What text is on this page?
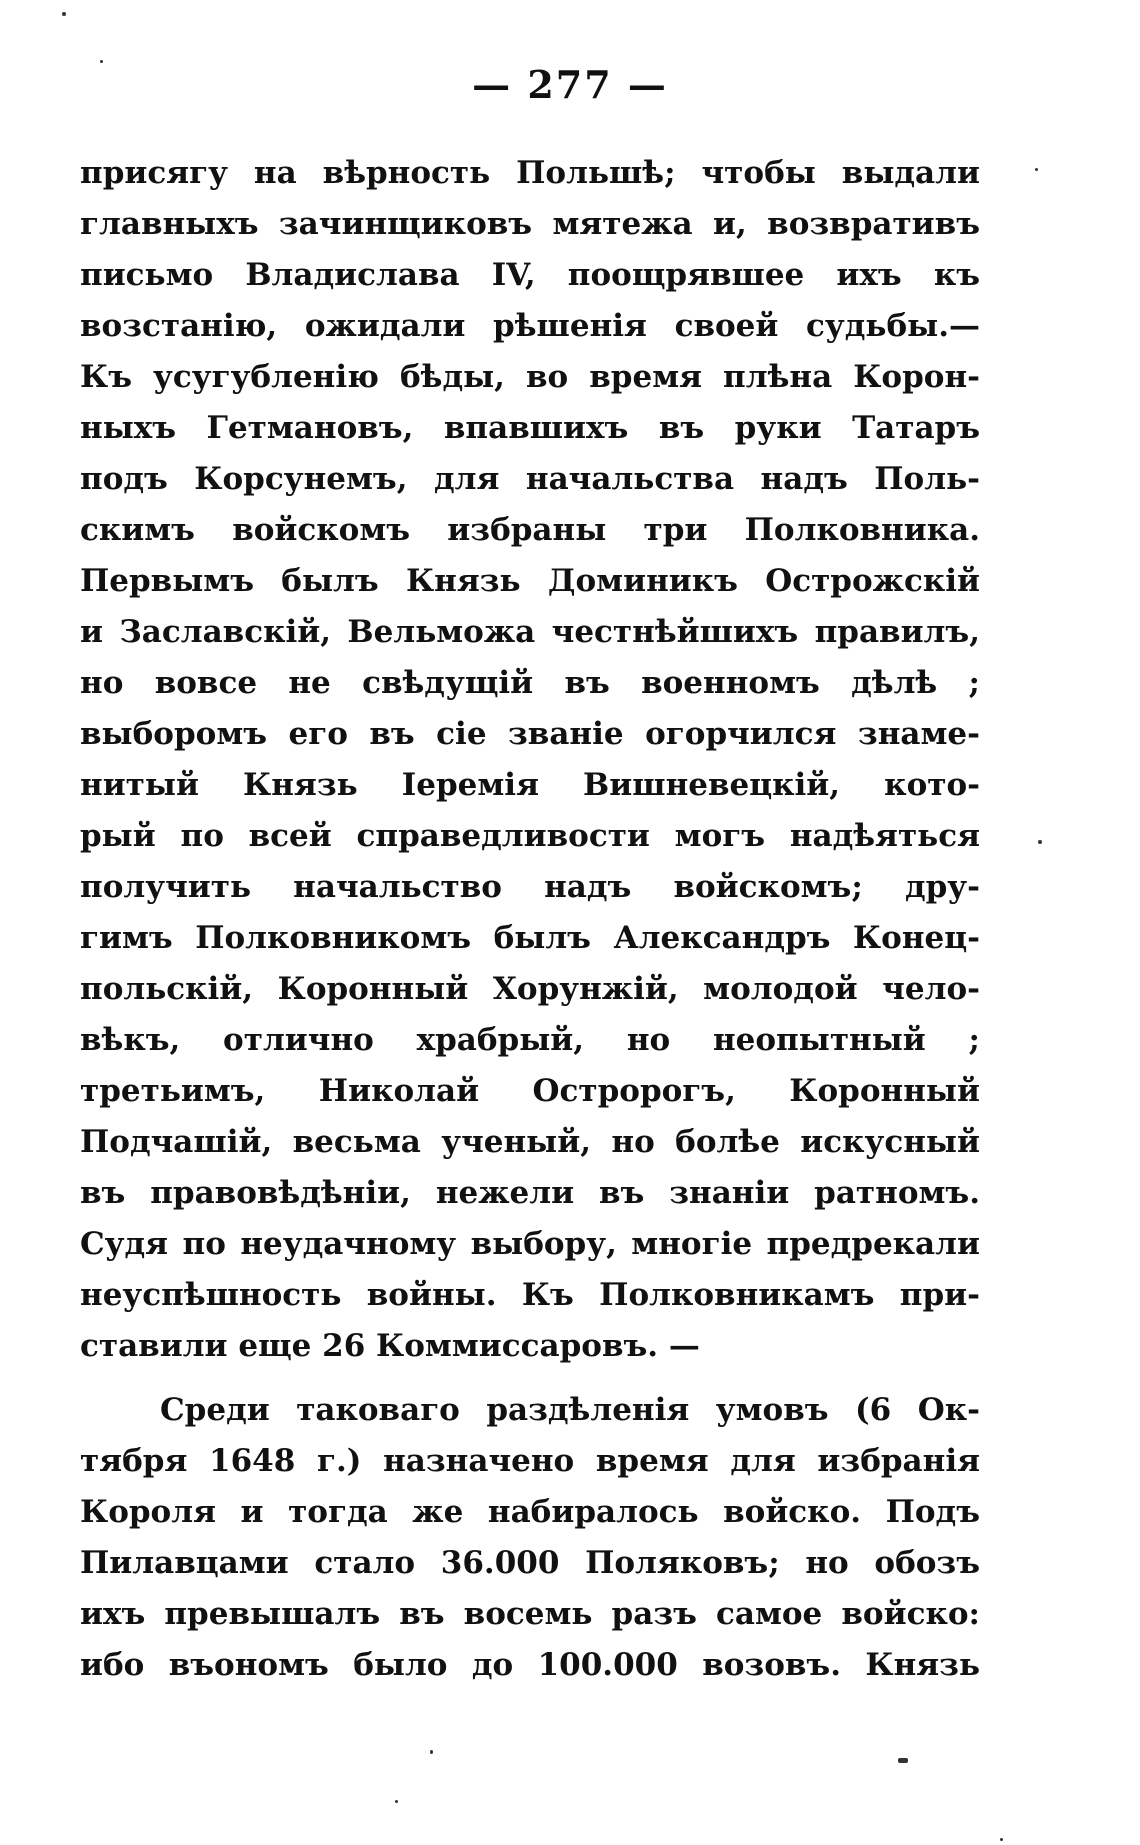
— 277 —
присягу на вѣрность Польшѣ; чтобы выдали
главныхъ зачинщиковъ мятежа и, возвративъ
письмо Владислава IV, поощрявшее ихъ къ
возстанію, ожидали рѣшенія своей судьбы.—
Къ усугубленію бѣды, во время плѣна Корон-
ныхъ Гетмановъ, впавшихъ въ руки Татаръ
подъ Корсунемъ, для начальства надъ Поль-
скимъ войскомъ избраны три Полковника.
Первымъ былъ Князь Доминикъ Острожскій
и Заславскій, Вельможа честнѣйшихъ правилъ,
но вовсе не свѣдущій въ военномъ дѣлѣ ;
выборомъ его въ сіе званіе огорчился знаме-
нитый Князь Іеремія Вишневецкій, кото-
рый по всей справедливости могъ надѣяться
получить начальство надъ войскомъ; дру-
гимъ Полковникомъ былъ Александръ Конец-
польскій, Коронный Хорунжій, молодой чело-
вѣкъ, отлично храбрый, но неопытный ;
третьимъ, Николай Остророгъ, Коронный
Подчашій, весьма ученый, но болѣе искусный
въ правовѣдѣніи, нежели въ знаніи ратномъ.
Судя по неудачному выбору, многіе предрекали
неуспѣшность войны. Къ Полковникамъ при-
ставили еще 26 Коммиссаровъ. —
Среди таковаго раздѣленія умовъ (6 Ок-
тября 1648 г.) назначено время для избранія
Короля и тогда же набиралось войско. Подъ
Пилавцами стало 36.000 Поляковъ; но обозъ
ихъ превышалъ въ восемь разъ самое войско:
ибо въономъ было до 100.000 возовъ. Князь
